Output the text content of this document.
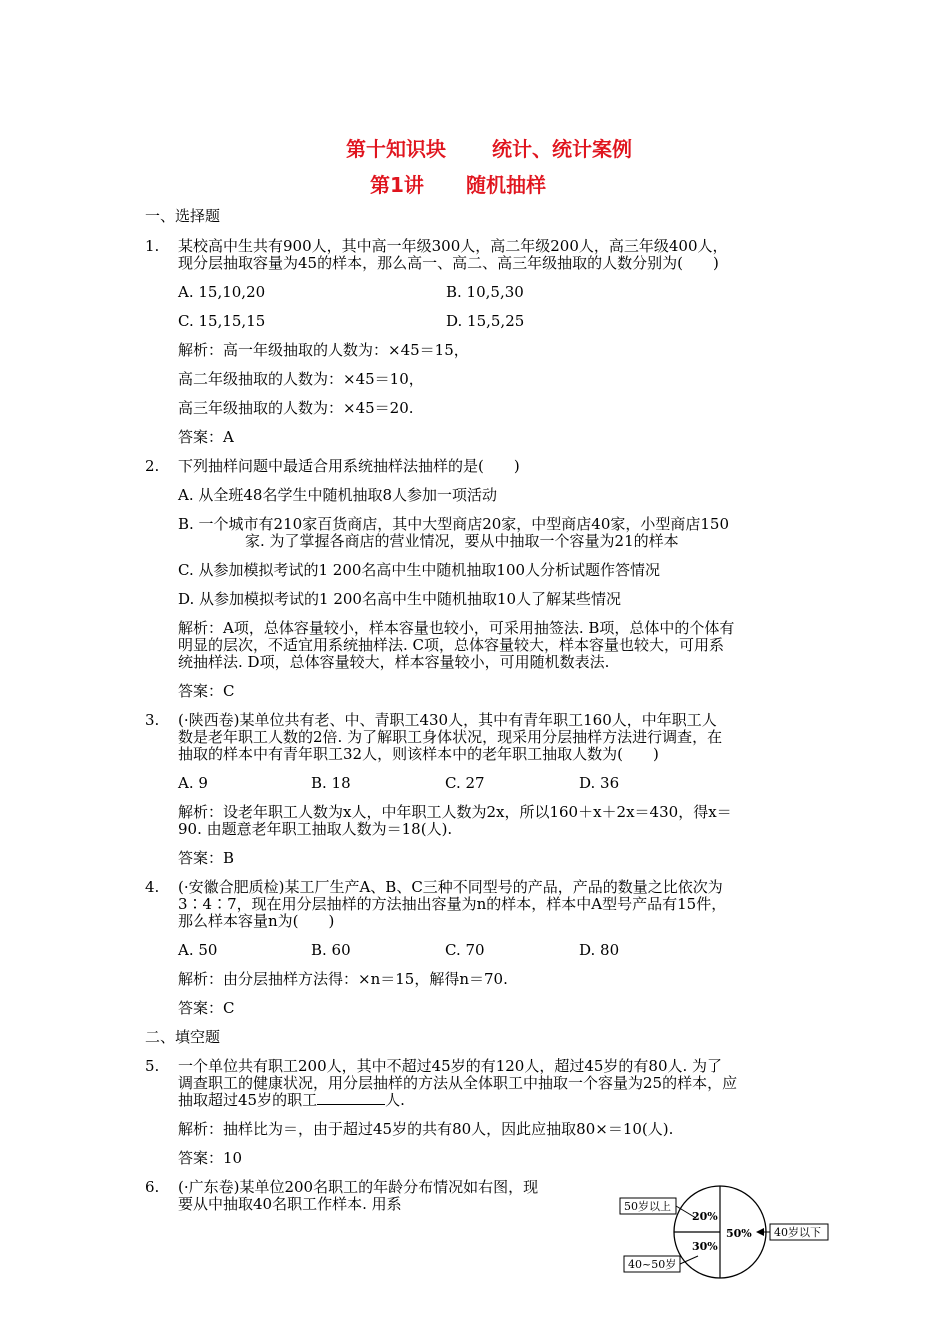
第十知识块 统计、统计案例
第1讲 随机抽样
一、选择题
1. 某校高中生共有900人，其中高一年级300人，高二年级200人，高三年级400人，
现分层抽取容量为45的样本，那么高一、高二、高三年级抽取的人数分别为(　　)
A. 15,10,20	B. 10,5,30
C. 15,15,15	D. 15,5,25
解析：高一年级抽取的人数为：×45＝15，
高二年级抽取的人数为：×45＝10，
高三年级抽取的人数为：×45＝20.
答案：A
2. 下列抽样问题中最适合用系统抽样法抽样的是(　　)
A. 从全班48名学生中随机抽取8人参加一项活动
B. 一个城市有210家百货商店，其中大型商店20家，中型商店40家，小型商店150
家. 为了掌握各商店的营业情况，要从中抽取一个容量为21的样本
C. 从参加模拟考试的1 200名高中生中随机抽取100人分析试题作答情况
D. 从参加模拟考试的1 200名高中生中随机抽取10人了解某些情况
解析：A项，总体容量较小，样本容量也较小，可采用抽签法. B项，总体中的个体有
明显的层次，不适宜用系统抽样法. C项，总体容量较大，样本容量也较大，可用系
统抽样法. D项，总体容量较大，样本容量较小，可用随机数表法.
答案：C
3. (·陕西卷)某单位共有老、中、青职工430人，其中有青年职工160人，中年职工人
数是老年职工人数的2倍. 为了解职工身体状况，现采用分层抽样方法进行调查，在
抽取的样本中有青年职工32人，则该样本中的老年职工抽取人数为(　　)
A. 9	B. 18	C. 27	D. 36
解析：设老年职工人数为x人，中年职工人数为2x，所以160＋x＋2x＝430，得x＝
90. 由题意老年职工抽取人数为＝18(人).
答案：B
4. (·安徽合肥质检)某工厂生产A、B、C三种不同型号的产品，产品的数量之比依次为
3∶4∶7，现在用分层抽样的方法抽出容量为n的样本，样本中A型号产品有15件，
那么样本容量n为(　　)
A. 50	B. 60	C. 70	D. 80
解析：由分层抽样方法得：×n＝15，解得n＝70.
答案：C
二、填空题
5. 一个单位共有职工200人，其中不超过45岁的有120人，超过45岁的有80人. 为了
调查职工的健康状况，用分层抽样的方法从全体职工中抽取一个容量为25的样本，应
抽取超过45岁的职工	人.
解析：抽样比为＝，由于超过45岁的共有80人，因此应抽取80×＝10(人).
答案：10
6. (·广东卷)某单位200名职工的年龄分布情况如右图，现
要从中抽取40名职工作样本. 用系
20%
30%
50%
50岁以上
40岁以下
40~50岁
